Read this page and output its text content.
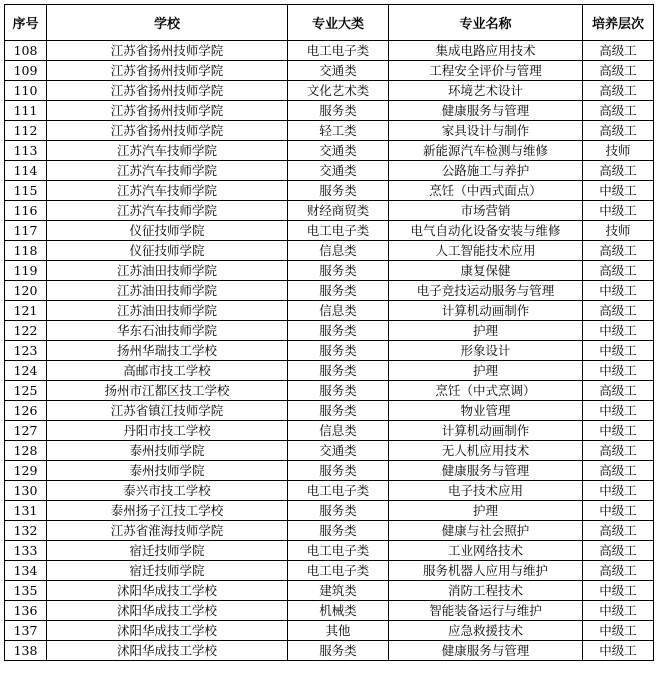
序号	学校	专业大类	专业名称	培养层次
108	江苏省扬州技师学院	电工电子类	集成电路应用技术	高级工
109	江苏省扬州技师学院	交通类	工程安全评价与管理	高级工
110	江苏省扬州技师学院	文化艺术类	环境艺术设计	高级工
111	江苏省扬州技师学院	服务类	健康服务与管理	高级工
112	江苏省扬州技师学院	轻工类	家具设计与制作	高级工
113	江苏汽车技师学院	交通类	新能源汽车检测与维修	技师
114	江苏汽车技师学院	交通类	公路施工与养护	高级工
115	江苏汽车技师学院	服务类	烹饪（中西式面点）	中级工
116	江苏汽车技师学院	财经商贸类	市场营销	中级工
117	仪征技师学院	电工电子类	电气自动化设备安装与维修	技师
118	仪征技师学院	信息类	人工智能技术应用	高级工
119	江苏油田技师学院	服务类	康复保健	高级工
120	江苏油田技师学院	服务类	电子竞技运动服务与管理	中级工
121	江苏油田技师学院	信息类	计算机动画制作	高级工
122	华东石油技师学院	服务类	护理	中级工
123	扬州华瑞技工学校	服务类	形象设计	中级工
124	高邮市技工学校	服务类	护理	中级工
125	扬州市江都区技工学校	服务类	烹饪（中式烹调）	高级工
126	江苏省镇江技师学院	服务类	物业管理	中级工
127	丹阳市技工学校	信息类	计算机动画制作	中级工
128	泰州技师学院	交通类	无人机应用技术	高级工
129	泰州技师学院	服务类	健康服务与管理	高级工
130	泰兴市技工学校	电工电子类	电子技术应用	中级工
131	泰州扬子江技工学校	服务类	护理	中级工
132	江苏省淮海技师学院	服务类	健康与社会照护	高级工
133	宿迁技师学院	电工电子类	工业网络技术	高级工
134	宿迁技师学院	电工电子类	服务机器人应用与维护	高级工
135	沭阳华成技工学校	建筑类	消防工程技术	中级工
136	沭阳华成技工学校	机械类	智能装备运行与维护	中级工
137	沭阳华成技工学校	其他	应急救援技术	中级工
138	沭阳华成技工学校	服务类	健康服务与管理	中级工
